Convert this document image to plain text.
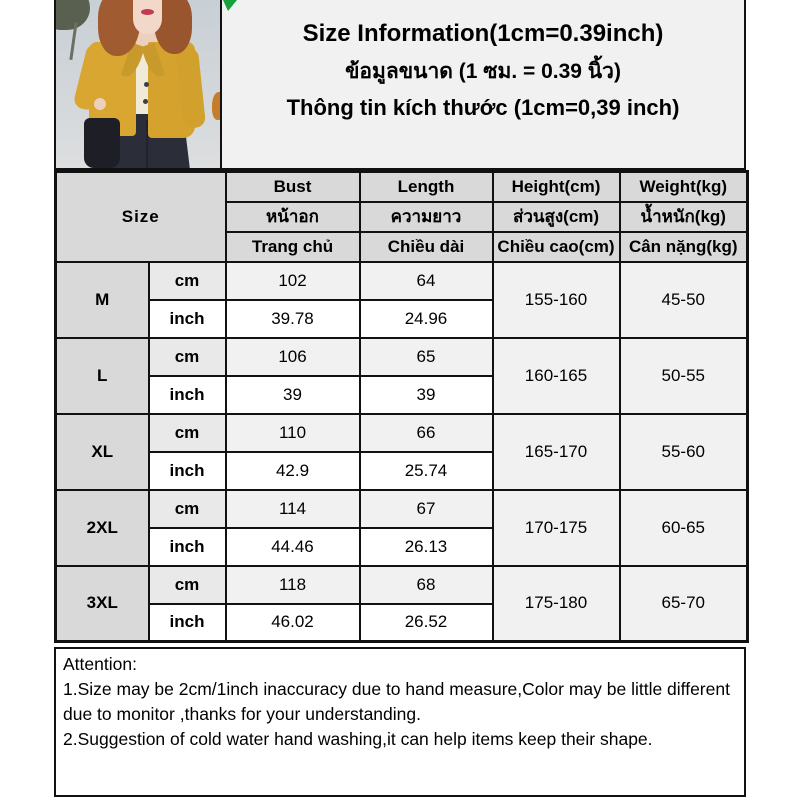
Size Information(1cm=0.39inch)
ข้อมูลขนาด (1 ซม. = 0.39 นิ้ว)
Thông tin kích thước (1cm=0,39 inch)
Size		Bust	Length	Height(cm)	Weight(kg)
		หน้าอก	ความยาว	ส่วนสูง(cm)	น้ำหนัก(kg)
		Trang chủ	Chiều dài	Chiều cao(cm)	Cân nặng(kg)
M	cm	102	64	155-160	45-50
	inch	39.78	24.96		
L	cm	106	65	160-165	50-55
	inch	39	39		
XL	cm	110	66	165-170	55-60
	inch	42.9	25.74		
2XL	cm	114	67	170-175	60-65
	inch	44.46	26.13		
3XL	cm	118	68	175-180	65-70
	inch	46.02	26.52		
Attention:
1.Size may be 2cm/1inch inaccuracy due to hand measure,Color may be little different due to monitor ,thanks for your understanding.
2.Suggestion of cold water hand washing,it can help items keep their shape.
